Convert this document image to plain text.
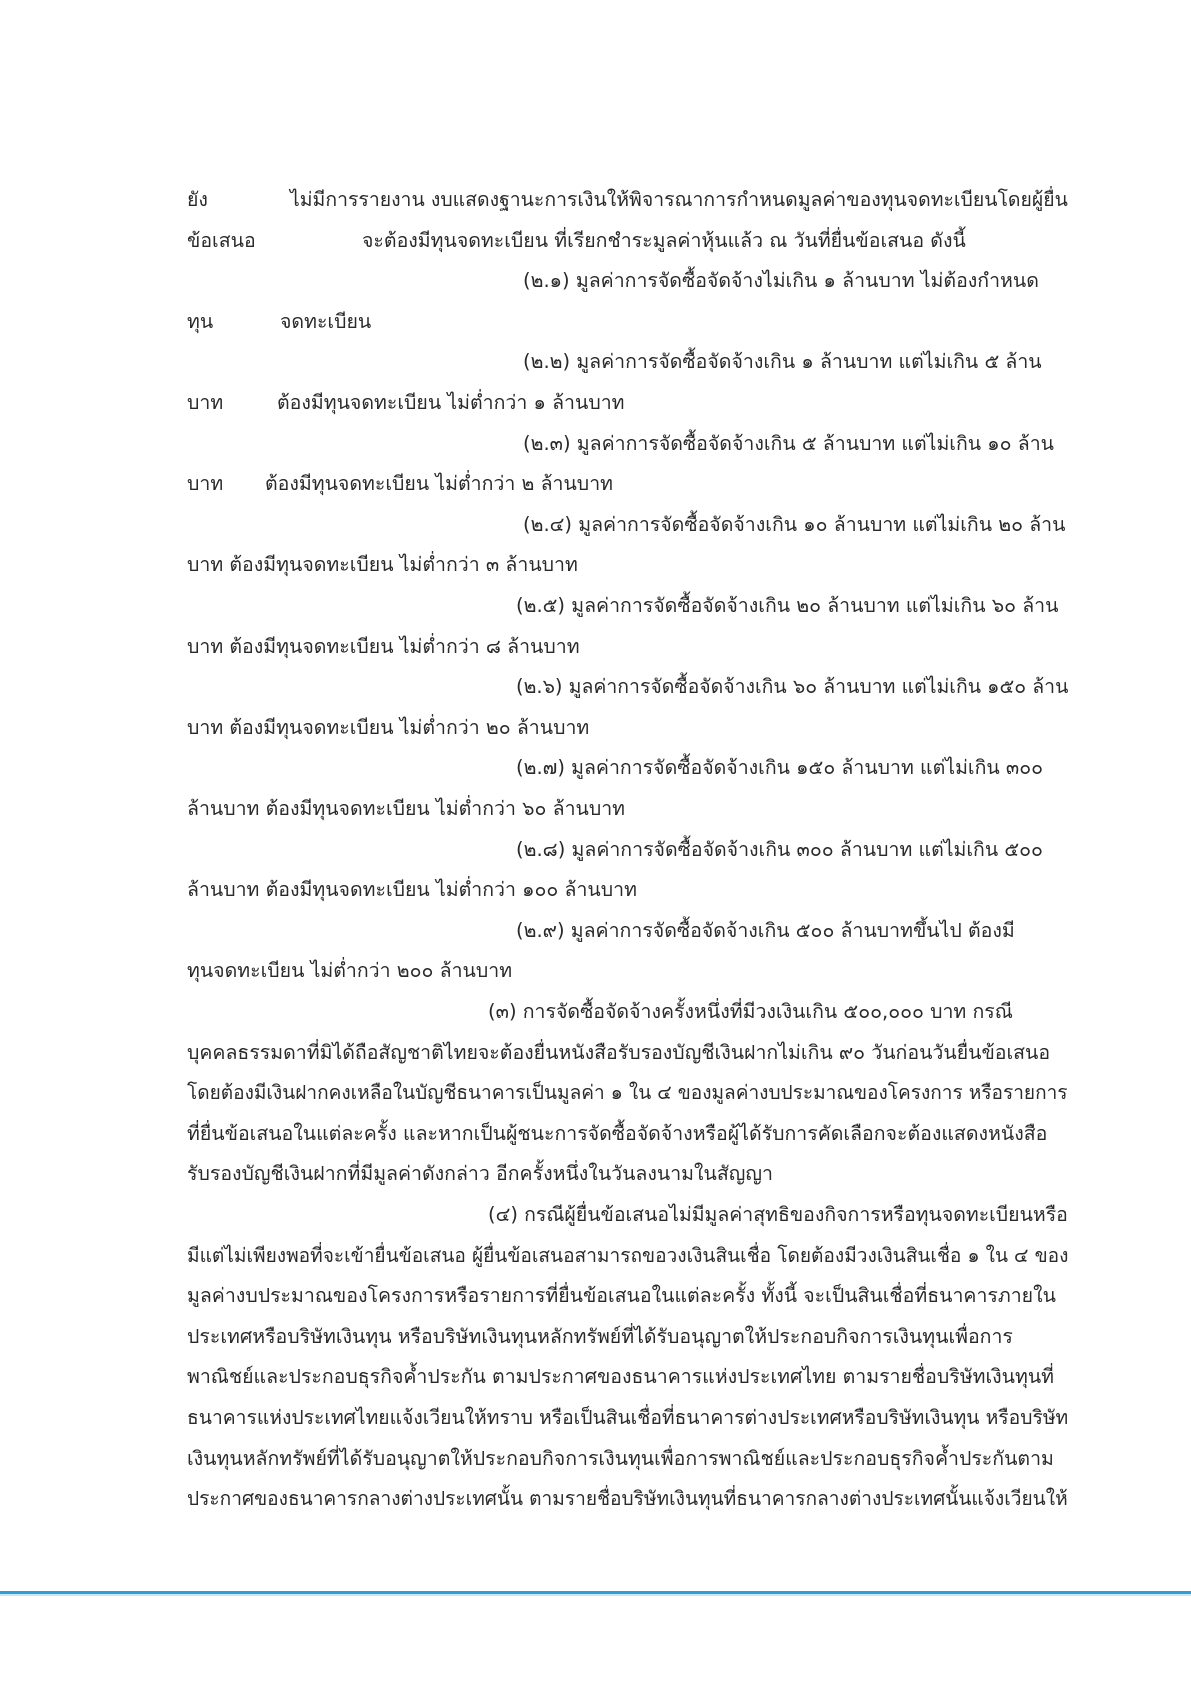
ยัง	ไม่มีการรายงาน งบแสดงฐานะการเงินให้พิจารณาการกำหนดมูลค่าของทุนจดทะเบียนโดยผู้ยื่น
ข้อเสนอ	จะต้องมีทุนจดทะเบียน ที่เรียกชำระมูลค่าหุ้นแล้ว ณ วันที่ยื่นข้อเสนอ ดังนี้
(๒.๑) มูลค่าการจัดซื้อจัดจ้างไม่เกิน ๑ ล้านบาท ไม่ต้องกำหนด
ทุน	จดทะเบียน
(๒.๒) มูลค่าการจัดซื้อจัดจ้างเกิน ๑ ล้านบาท แต่ไม่เกิน ๕ ล้าน
บาท	ต้องมีทุนจดทะเบียน ไม่ต่ำกว่า ๑ ล้านบาท
(๒.๓) มูลค่าการจัดซื้อจัดจ้างเกิน ๕ ล้านบาท แต่ไม่เกิน ๑๐ ล้าน
บาท ต้องมีทุนจดทะเบียน ไม่ต่ำกว่า ๒ ล้านบาท
(๒.๔) มูลค่าการจัดซื้อจัดจ้างเกิน ๑๐ ล้านบาท แต่ไม่เกิน ๒๐ ล้าน
บาท ต้องมีทุนจดทะเบียน ไม่ต่ำกว่า ๓ ล้านบาท
(๒.๕) มูลค่าการจัดซื้อจัดจ้างเกิน ๒๐ ล้านบาท แต่ไม่เกิน ๖๐ ล้าน
บาท ต้องมีทุนจดทะเบียน ไม่ต่ำกว่า ๘ ล้านบาท
(๒.๖) มูลค่าการจัดซื้อจัดจ้างเกิน ๖๐ ล้านบาท แต่ไม่เกิน ๑๕๐ ล้าน
บาท ต้องมีทุนจดทะเบียน ไม่ต่ำกว่า ๒๐ ล้านบาท
(๒.๗) มูลค่าการจัดซื้อจัดจ้างเกิน ๑๕๐ ล้านบาท แต่ไม่เกิน ๓๐๐
ล้านบาท ต้องมีทุนจดทะเบียน ไม่ต่ำกว่า ๖๐ ล้านบาท
(๒.๘) มูลค่าการจัดซื้อจัดจ้างเกิน ๓๐๐ ล้านบาท แต่ไม่เกิน ๕๐๐
ล้านบาท ต้องมีทุนจดทะเบียน ไม่ต่ำกว่า ๑๐๐ ล้านบาท
(๒.๙) มูลค่าการจัดซื้อจัดจ้างเกิน ๕๐๐ ล้านบาทขึ้นไป ต้องมี
ทุนจดทะเบียน ไม่ต่ำกว่า ๒๐๐ ล้านบาท
(๓) การจัดซื้อจัดจ้างครั้งหนึ่งที่มีวงเงินเกิน ๕๐๐,๐๐๐ บาท กรณี
บุคคลธรรมดาที่มิได้ถือสัญชาติไทยจะต้องยื่นหนังสือรับรองบัญชีเงินฝากไม่เกิน ๙๐ วันก่อนวันยื่นข้อเสนอ
โดยต้องมีเงินฝากคงเหลือในบัญชีธนาคารเป็นมูลค่า ๑ ใน ๔ ของมูลค่างบประมาณของโครงการ หรือรายการ
ที่ยื่นข้อเสนอในแต่ละครั้ง และหากเป็นผู้ชนะการจัดซื้อจัดจ้างหรือผู้ได้รับการคัดเลือกจะต้องแสดงหนังสือ
รับรองบัญชีเงินฝากที่มีมูลค่าดังกล่าว อีกครั้งหนึ่งในวันลงนามในสัญญา
(๔) กรณีผู้ยื่นข้อเสนอไม่มีมูลค่าสุทธิของกิจการหรือทุนจดทะเบียนหรือ
มีแต่ไม่เพียงพอที่จะเข้ายื่นข้อเสนอ ผู้ยื่นข้อเสนอสามารถขอวงเงินสินเชื่อ โดยต้องมีวงเงินสินเชื่อ ๑ ใน ๔ ของ
มูลค่างบประมาณของโครงการหรือรายการที่ยื่นข้อเสนอในแต่ละครั้ง ทั้งนี้ จะเป็นสินเชื่อที่ธนาคารภายใน
ประเทศหรือบริษัทเงินทุน หรือบริษัทเงินทุนหลักทรัพย์ที่ได้รับอนุญาตให้ประกอบกิจการเงินทุนเพื่อการ
พาณิชย์และประกอบธุรกิจค้ำประกัน ตามประกาศของธนาคารแห่งประเทศไทย ตามรายชื่อบริษัทเงินทุนที่
ธนาคารแห่งประเทศไทยแจ้งเวียนให้ทราบ หรือเป็นสินเชื่อที่ธนาคารต่างประเทศหรือบริษัทเงินทุน หรือบริษัท
เงินทุนหลักทรัพย์ที่ได้รับอนุญาตให้ประกอบกิจการเงินทุนเพื่อการพาณิชย์และประกอบธุรกิจค้ำประกันตาม
ประกาศของธนาคารกลางต่างประเทศนั้น ตามรายชื่อบริษัทเงินทุนที่ธนาคารกลางต่างประเทศนั้นแจ้งเวียนให้
